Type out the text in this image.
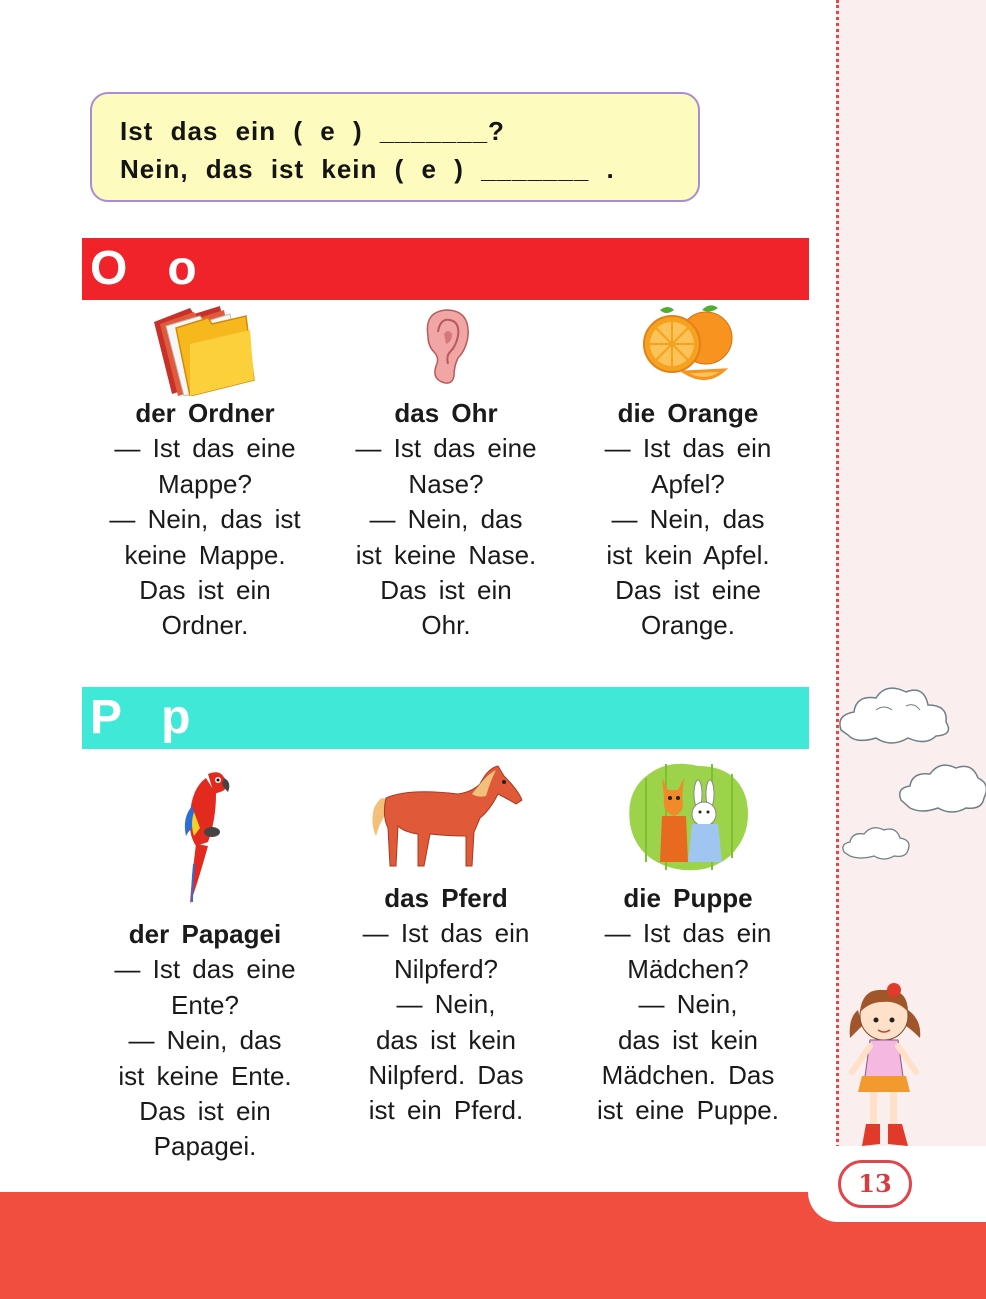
13
Ist das ein ( e ) _______?
Nein, das ist kein ( e ) _______ .
O   o
der Ordner
— Ist das eine
Mappe?
— Nein, das ist
keine Mappe.
Das ist ein
Ordner.
das Ohr
— Ist das eine
Nase?
— Nein, das
ist keine Nase.
Das ist ein
Ohr.
die Orange
— Ist das ein
Apfel?
— Nein, das
ist kein Apfel.
Das ist eine
Orange.
P   p
der Papagei
— Ist das eine
Ente?
— Nein, das
ist keine Ente.
Das ist ein
Papagei.
das Pferd
— Ist das ein
Nilpferd?
— Nein,
das ist kein
Nilpferd. Das
ist ein Pferd.
die Puppe
— Ist das ein
Mädchen?
— Nein,
das ist kein
Mädchen. Das
ist eine Puppe.
